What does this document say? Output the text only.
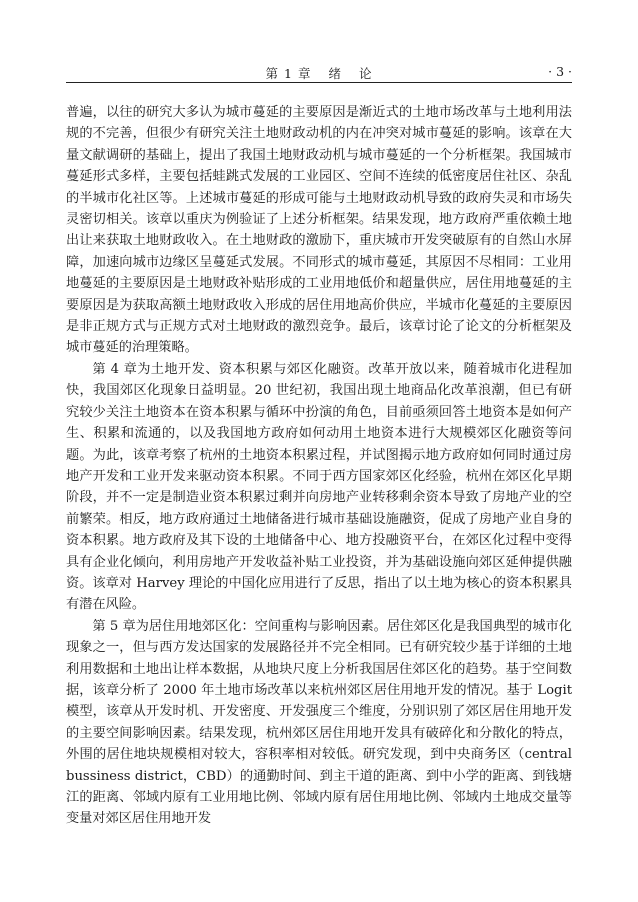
第 1 章 绪 论	· 3 ·

普遍，以往的研究大多认为城市蔓延的主要原因是渐近式的土地市场改革与土地利用法规的不完善，但很少有研究关注土地财政动机的内在冲突对城市蔓延的影响。该章在大量文献调研的基础上，提出了我国土地财政动机与城市蔓延的一个分析框架。我国城市蔓延形式多样，主要包括蛙跳式发展的工业园区、空间不连续的低密度居住社区、杂乱的半城市化社区等。上述城市蔓延的形成可能与土地财政动机导致的政府失灵和市场失灵密切相关。该章以重庆为例验证了上述分析框架。结果发现，地方政府严重依赖土地出让来获取土地财政收入。在土地财政的激励下，重庆城市开发突破原有的自然山水屏障，加速向城市边缘区呈蔓延式发展。不同形式的城市蔓延，其原因不尽相同：工业用地蔓延的主要原因是土地财政补贴形成的工业用地低价和超量供应，居住用地蔓延的主要原因是为获取高额土地财政收入形成的居住用地高价供应，半城市化蔓延的主要原因是非正规方式与正规方式对土地财政的激烈竞争。最后，该章讨论了论文的分析框架及城市蔓延的治理策略。

第 4 章为土地开发、资本积累与郊区化融资。改革开放以来，随着城市化进程加快，我国郊区化现象日益明显。20 世纪初，我国出现土地商品化改革浪潮，但已有研究较少关注土地资本在资本积累与循环中扮演的角色，目前亟须回答土地资本是如何产生、积累和流通的，以及我国地方政府如何动用土地资本进行大规模郊区化融资等问题。为此，该章考察了杭州的土地资本积累过程，并试图揭示地方政府如何同时通过房地产开发和工业开发来驱动资本积累。不同于西方国家郊区化经验，杭州在郊区化早期阶段，并不一定是制造业资本积累过剩并向房地产业转移剩余资本导致了房地产业的空前繁荣。相反，地方政府通过土地储备进行城市基础设施融资，促成了房地产业自身的资本积累。地方政府及其下设的土地储备中心、地方投融资平台，在郊区化过程中变得具有企业化倾向，利用房地产开发收益补贴工业投资，并为基础设施向郊区延伸提供融资。该章对 Harvey 理论的中国化应用进行了反思，指出了以土地为核心的资本积累具有潜在风险。

第 5 章为居住用地郊区化：空间重构与影响因素。居住郊区化是我国典型的城市化现象之一，但与西方发达国家的发展路径并不完全相同。已有研究较少基于详细的土地利用数据和土地出让样本数据，从地块尺度上分析我国居住郊区化的趋势。基于空间数据，该章分析了 2000 年土地市场改革以来杭州郊区居住用地开发的情况。基于 Logit 模型，该章从开发时机、开发密度、开发强度三个维度，分别识别了郊区居住用地开发的主要空间影响因素。结果发现，杭州郊区居住用地开发具有破碎化和分散化的特点，外围的居住地块规模相对较大，容积率相对较低。研究发现，到中央商务区（central bussiness district，CBD）的通勤时间、到主干道的距离、到中小学的距离、到钱塘江的距离、邻域内原有工业用地比例、邻域内原有居住用地比例、邻域内土地成交量等变量对郊区居住用地开发
